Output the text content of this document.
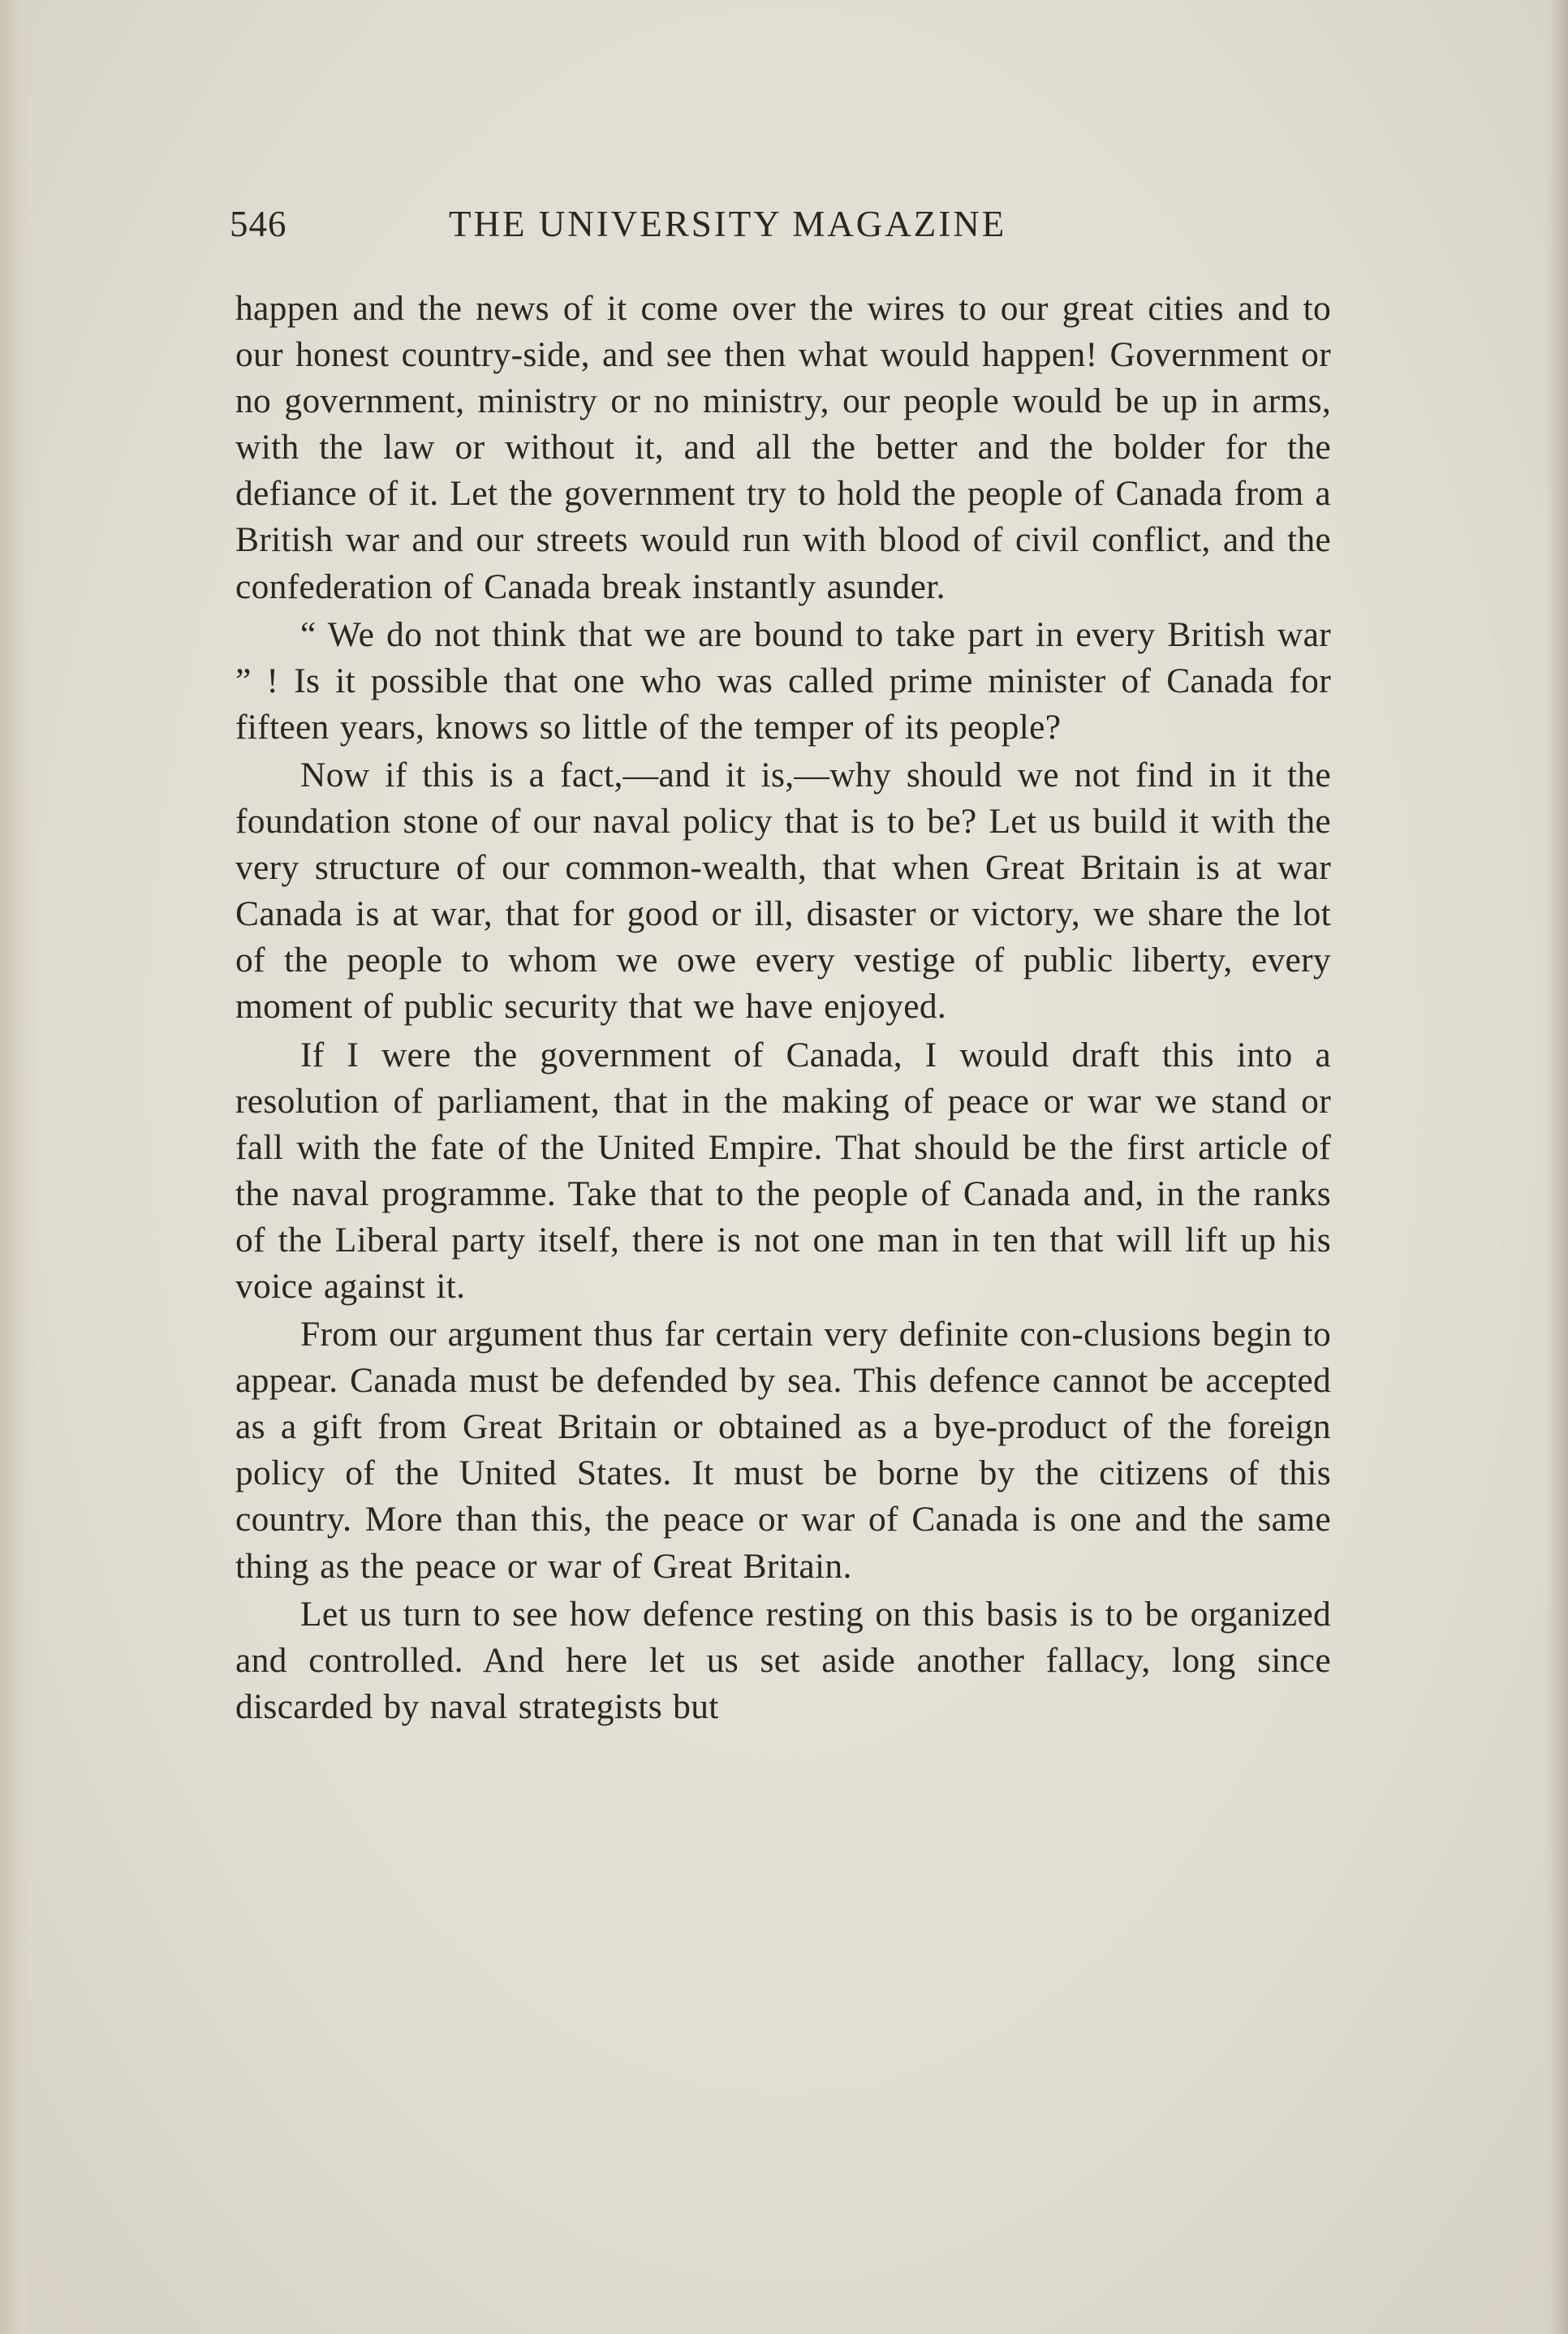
546	THE UNIVERSITY MAGAZINE

happen and the news of it come over the wires to our great cities and to our honest country-side, and see then what would happen! Government or no government, ministry or no ministry, our people would be up in arms, with the law or without it, and all the better and the bolder for the defiance of it. Let the government try to hold the people of Canada from a British war and our streets would run with blood of civil conflict, and the confederation of Canada break instantly asunder.

“ We do not think that we are bound to take part in every British war ” ! Is it possible that one who was called prime minister of Canada for fifteen years, knows so little of the temper of its people?

Now if this is a fact,—and it is,—why should we not find in it the foundation stone of our naval policy that is to be? Let us build it with the very structure of our common-wealth, that when Great Britain is at war Canada is at war, that for good or ill, disaster or victory, we share the lot of the people to whom we owe every vestige of public liberty, every moment of public security that we have enjoyed.

If I were the government of Canada, I would draft this into a resolution of parliament, that in the making of peace or war we stand or fall with the fate of the United Empire. That should be the first article of the naval programme. Take that to the people of Canada and, in the ranks of the Liberal party itself, there is not one man in ten that will lift up his voice against it.

From our argument thus far certain very definite con-clusions begin to appear. Canada must be defended by sea. This defence cannot be accepted as a gift from Great Britain or obtained as a bye-product of the foreign policy of the United States. It must be borne by the citizens of this country. More than this, the peace or war of Canada is one and the same thing as the peace or war of Great Britain.

Let us turn to see how defence resting on this basis is to be organized and controlled. And here let us set aside another fallacy, long since discarded by naval strategists but
